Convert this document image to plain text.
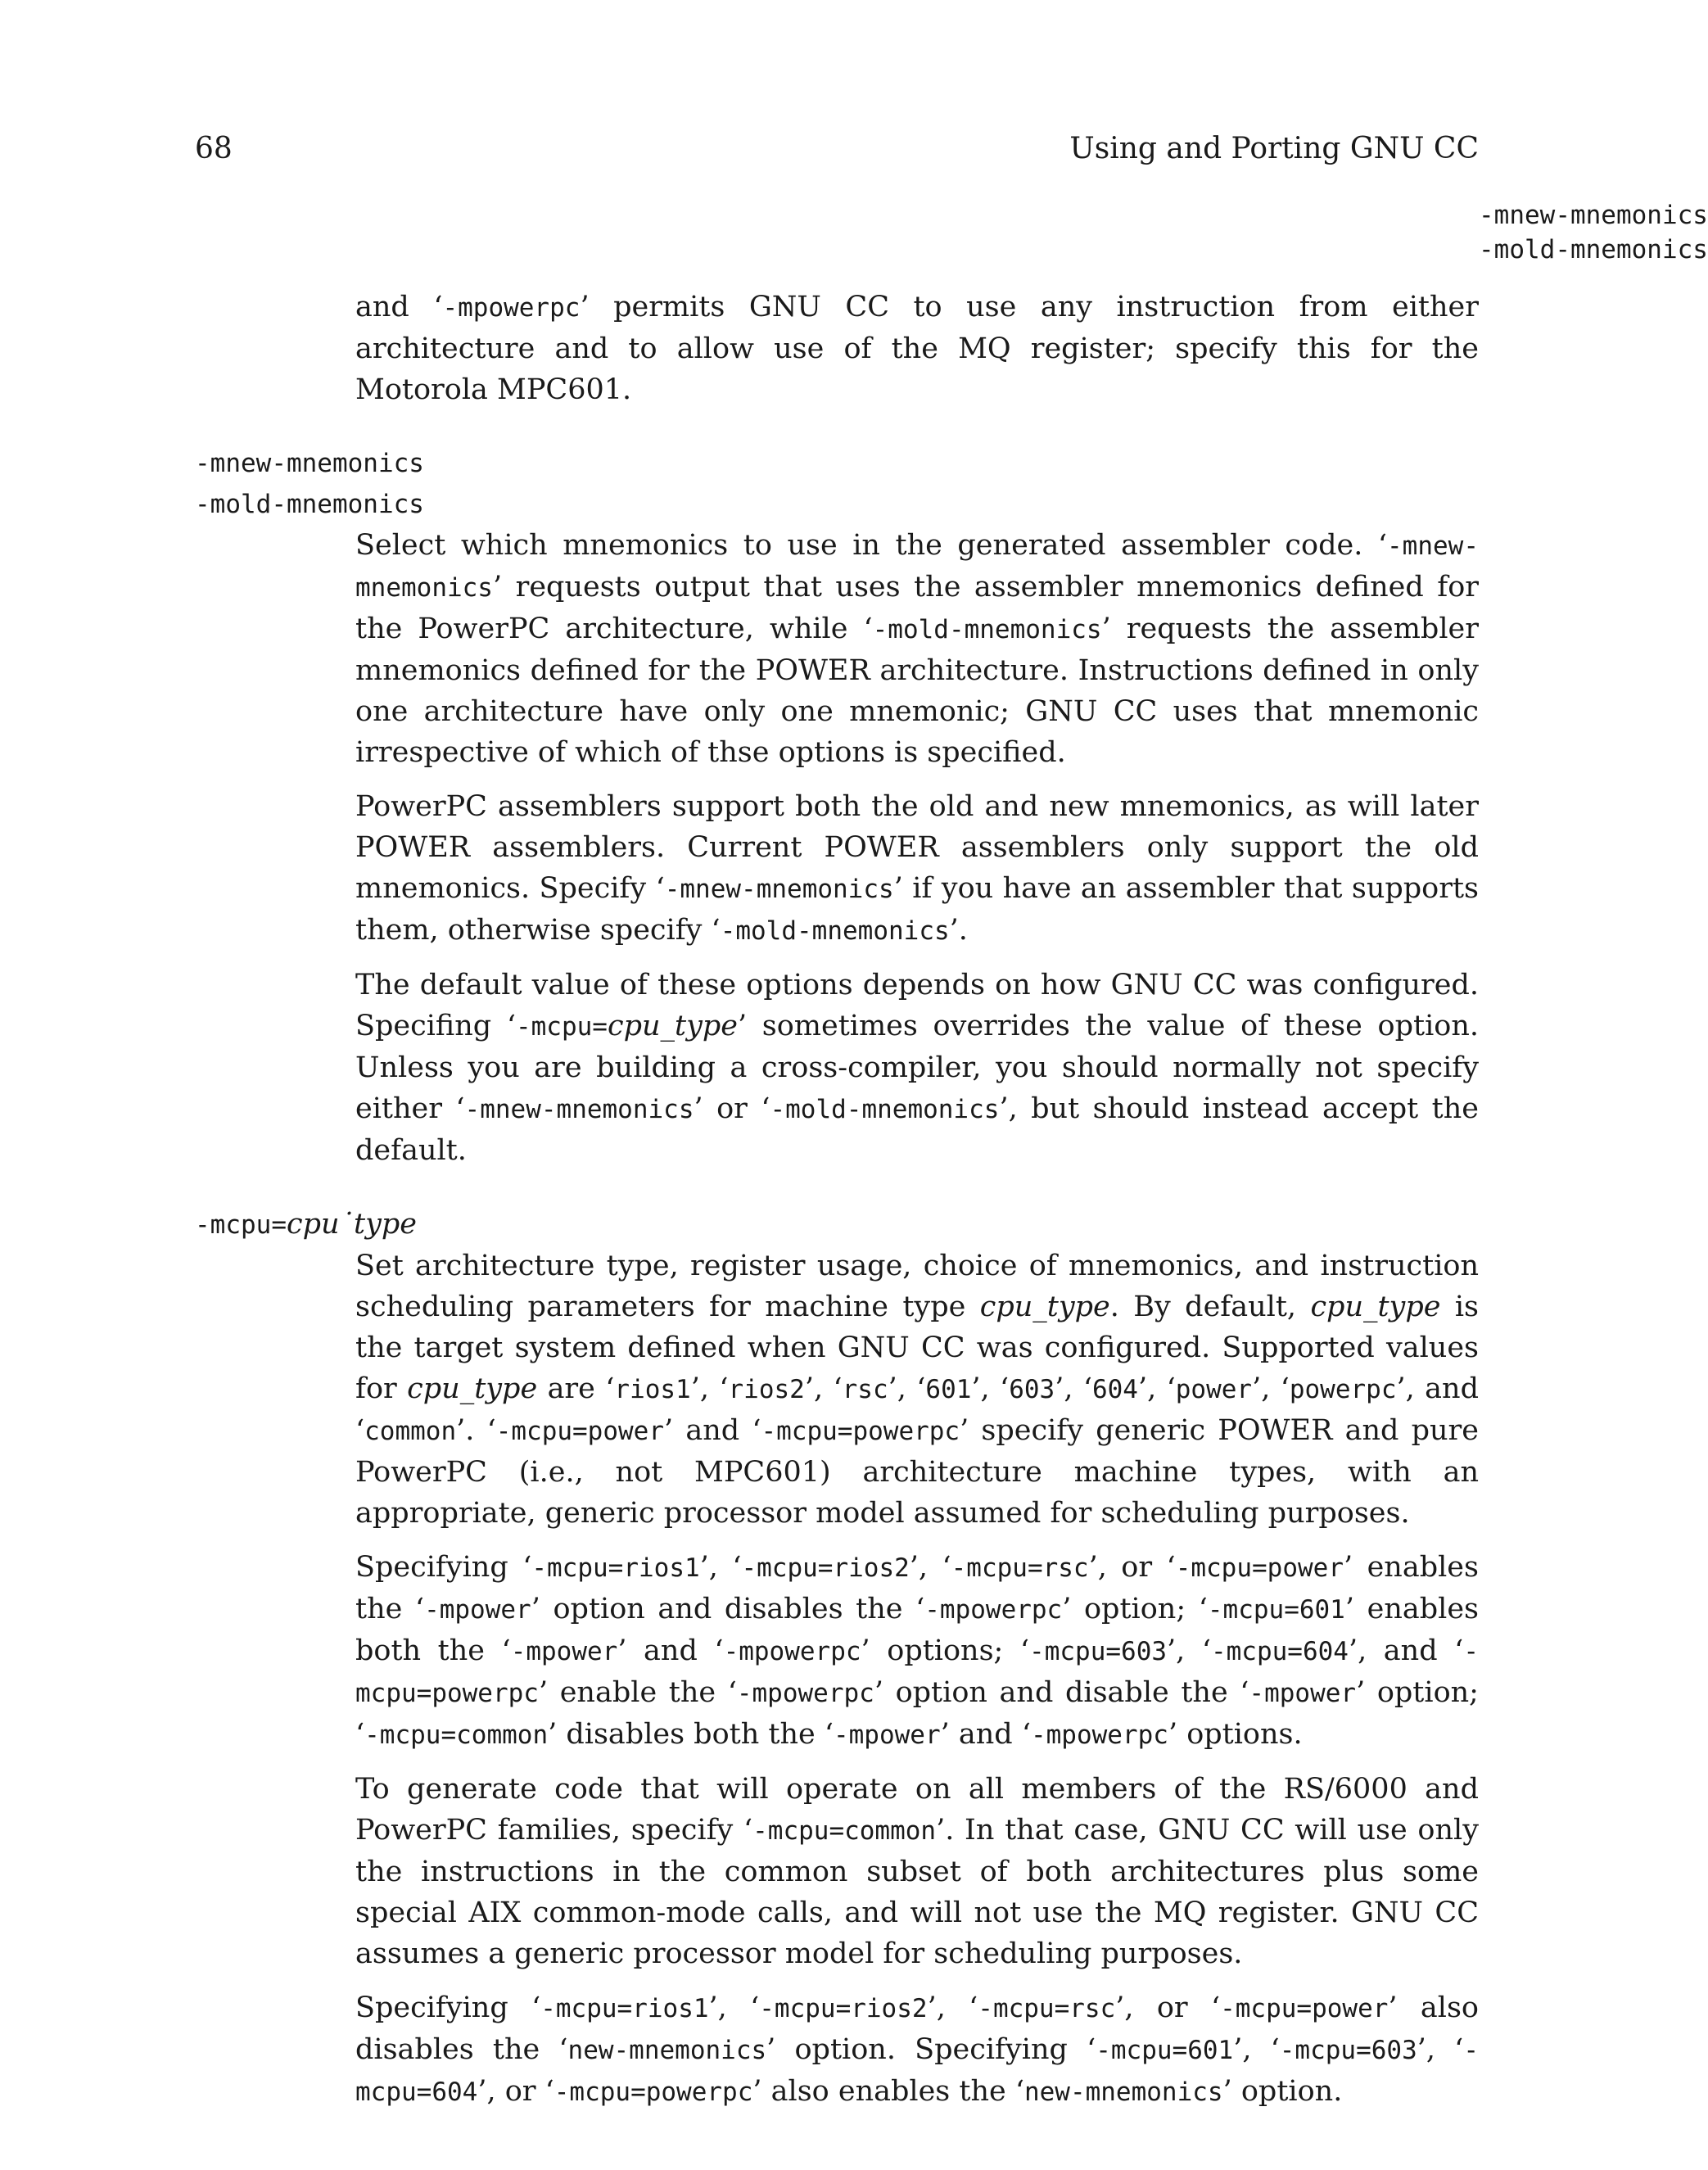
68	Using and Porting GNU CC
-mnew-mnemonics
-mold-mnemonics

and ‘-mpowerpc’ permits GNU CC to use any instruction from either architecture and to allow use of the MQ register; specify this for the Motorola MPC601.

-mnew-mnemonics
-mold-mnemonics

Select which mnemonics to use in the generated assembler code. ‘-mnew-mnemonics’ requests output that uses the assembler mnemonics defined for the PowerPC architecture, while ‘-mold-mnemonics’ requests the assembler mnemonics defined for the POWER architecture. Instructions defined in only one architecture have only one mnemonic; GNU CC uses that mnemonic irrespective of which of thse options is specified.

PowerPC assemblers support both the old and new mnemonics, as will later POWER assemblers. Current POWER assemblers only support the old mnemonics. Specify ‘-mnew-mnemonics’ if you have an assembler that supports them, otherwise specify ‘-mold-mnemonics’.

The default value of these options depends on how GNU CC was configured. Specifing ‘-mcpu=cpu_type’ sometimes overrides the value of these option. Unless you are building a cross-compiler, you should normally not specify either ‘-mnew-mnemonics’ or ‘-mold-mnemonics’, but should instead accept the default.

-mcpu=cpu˙type

Set architecture type, register usage, choice of mnemonics, and instruction scheduling parameters for machine type cpu_type. By default, cpu_type is the target system defined when GNU CC was configured. Supported values for cpu_type are ‘rios1’, ‘rios2’, ‘rsc’, ‘601’, ‘603’, ‘604’, ‘power’, ‘powerpc’, and ‘common’. ‘-mcpu=power’ and ‘-mcpu=powerpc’ specify generic POWER and pure PowerPC (i.e., not MPC601) architecture machine types, with an appropriate, generic processor model assumed for scheduling purposes.

Specifying ‘-mcpu=rios1’, ‘-mcpu=rios2’, ‘-mcpu=rsc’, or ‘-mcpu=power’ enables the ‘-mpower’ option and disables the ‘-mpowerpc’ option; ‘-mcpu=601’ enables both the ‘-mpower’ and ‘-mpowerpc’ options; ‘-mcpu=603’, ‘-mcpu=604’, and ‘-mcpu=powerpc’ enable the ‘-mpowerpc’ option and disable the ‘-mpower’ option; ‘-mcpu=common’ disables both the ‘-mpower’ and ‘-mpowerpc’ options.

To generate code that will operate on all members of the RS/6000 and PowerPC families, specify ‘-mcpu=common’. In that case, GNU CC will use only the instructions in the common subset of both architectures plus some special AIX common-mode calls, and will not use the MQ register. GNU CC assumes a generic processor model for scheduling purposes.

Specifying ‘-mcpu=rios1’, ‘-mcpu=rios2’, ‘-mcpu=rsc’, or ‘-mcpu=power’ also disables the ‘new-mnemonics’ option. Specifying ‘-mcpu=601’, ‘-mcpu=603’, ‘-mcpu=604’, or ‘-mcpu=powerpc’ also enables the ‘new-mnemonics’ option.
